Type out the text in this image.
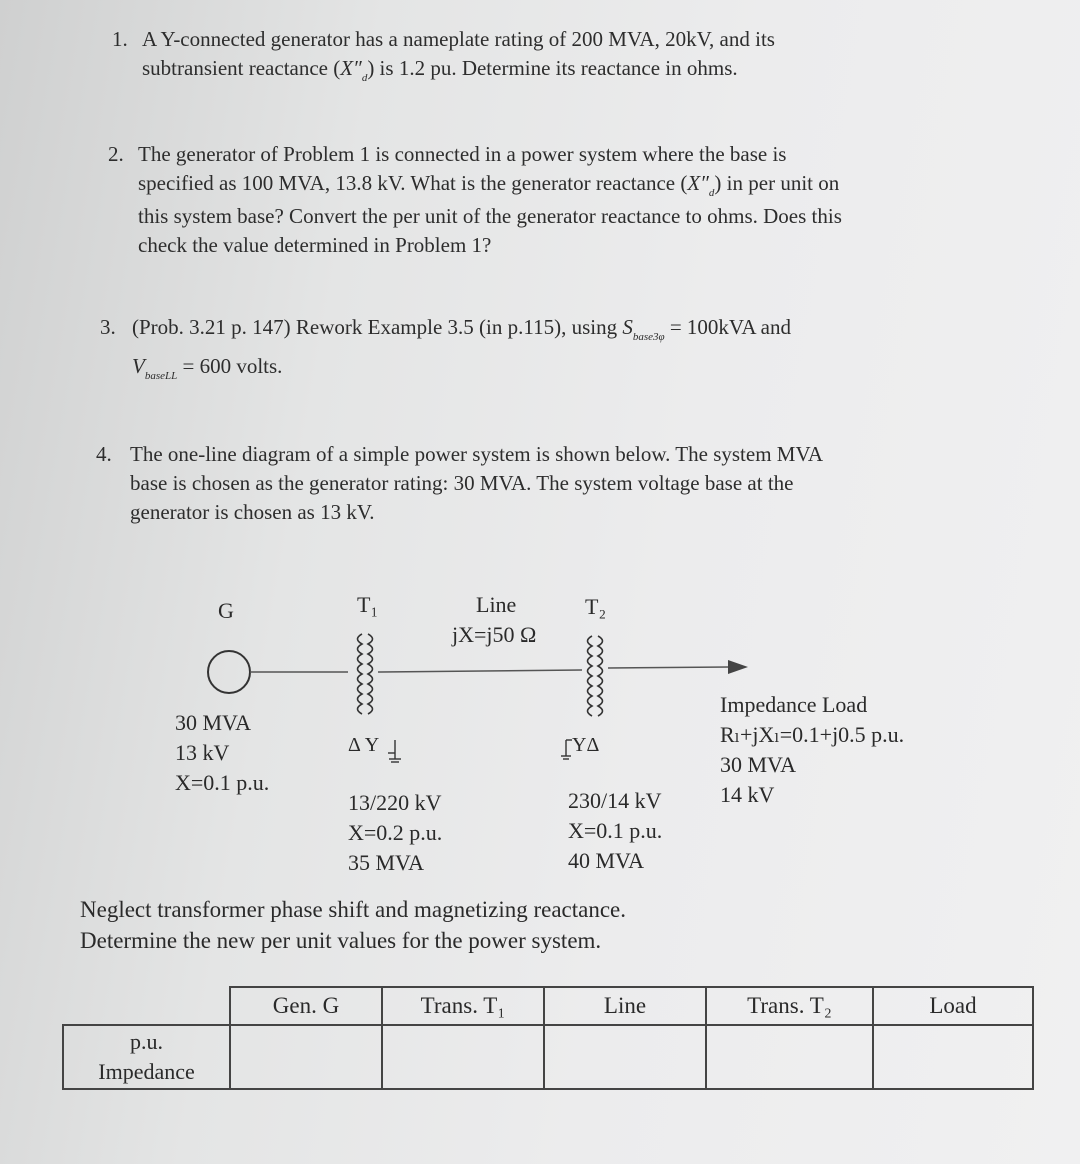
1. A Y-connected generator has a nameplate rating of 200 MVA, 20kV, and its
subtransient reactance $(X''_d)$ is 1.2 pu. Determine its reactance in ohms.
2. The generator of Problem 1 is connected in a power system where the base is
specified as 100 MVA, 13.8 kV. What is the generator reactance $(X''_d)$ in per unit on
this system base? Convert the per unit of the generator reactance to ohms. Does this
check the value determined in Problem 1?
3. (Prob. 3.21 p. 147) Rework Example 3.5 (in p.115), using $S_{base3\varphi} = 100kVA$ and
$V_{baseLL} = 600$ volts.
4. The one-line diagram of a simple power system is shown below. The system MVA
base is chosen as the generator rating: 30 MVA. The system voltage base at the
generator is chosen as 13 kV.
G
30 MVA
13 kV
X=0.1 p.u.
T₁
Δ Y
13/220 kV
X=0.2 p.u.
35 MVA
Line
jX=j50 Ω
T₂
YΔ
230/14 kV
X=0.1 p.u.
40 MVA
Impedance Load
Rₗ+jXₗ=0.1+j0.5 p.u.
30 MVA
14 kV
Neglect transformer phase shift and magnetizing reactance.
Determine the new per unit values for the power system.
	Gen. G	Trans. T₁	Line	Trans. T₂	Load

p.u.
Impedance					
